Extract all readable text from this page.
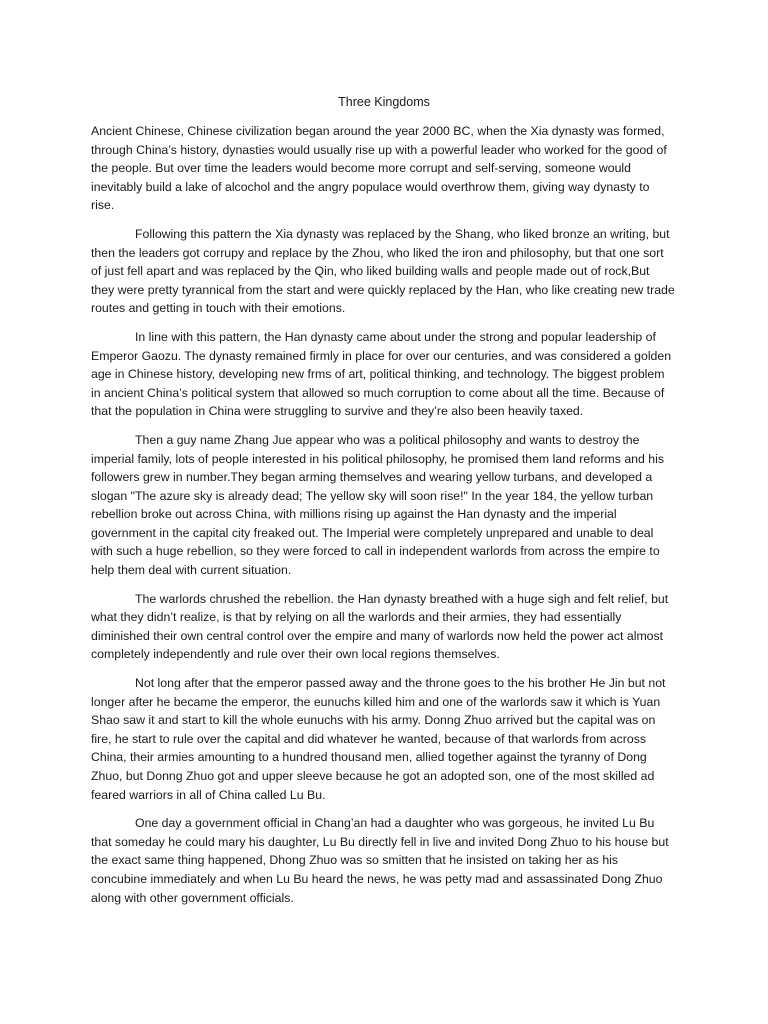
Three Kingdoms

Ancient Chinese, Chinese civilization began around the year 2000 BC, when the Xia dynasty was formed, through China’s history, dynasties would usually rise up with a powerful leader who worked for the good of the people. But over time the leaders would become more corrupt and self-serving, someone would inevitably build a lake of alcochol and the angry populace would overthrow them, giving way dynasty to rise.

Following this pattern the Xia dynasty was replaced by the Shang, who liked bronze an writing, but then the leaders got corrupy and replace by the Zhou, who liked the iron and philosophy, but that one sort of just fell apart and was replaced by the Qin, who liked building walls and people made out of rock,But they were pretty tyrannical from the start and were quickly replaced by the Han, who like creating new trade routes and getting in touch with their emotions.

In line with this pattern, the Han dynasty came about under the strong and popular leadership of Emperor Gaozu. The dynasty remained firmly in place for over our centuries, and was considered a golden age in Chinese history, developing new frms of art, political thinking, and technology. The biggest problem in ancient China’s political system that allowed so much corruption to come about all the time. Because of that the population in China were struggling to survive and they’re also been heavily taxed.

Then a guy name Zhang Jue appear who was a political philosophy and wants to destroy the imperial family, lots of people interested in his political philosophy, he promised them land reforms and his followers grew in number.They began arming themselves and wearing yellow turbans, and developed a slogan "The azure sky is already dead; The yellow sky will soon rise!" In the year 184, the yellow turban rebellion broke out across China, with millions rising up against the Han dynasty and the imperial government in the capital city freaked out. The Imperial were completely unprepared and unable to deal with such a huge rebellion, so they were forced to call in independent warlords from across the empire to help them deal with current situation.

The warlords chrushed the rebellion. the Han dynasty breathed with a huge sigh and felt relief, but what they didn’t realize, is that by relying on all the warlords and their armies, they had essentially diminished their own central control over the empire and many of warlords now held the power act almost completely independently and rule over their own local regions themselves.

Not long after that the emperor passed away and the throne goes to the his brother He Jin but not longer after he became the emperor, the eunuchs killed him and one of the warlords saw it which is Yuan Shao saw it and start to kill the whole eunuchs with his army. Donng Zhuo arrived but the capital was on fire, he start to rule over the capital and did whatever he wanted, because of that warlords from across China, their armies amounting to a hundred thousand men, allied together against the tyranny of Dong Zhuo, but Donng Zhuo got and upper sleeve because he got an adopted son, one of the most skilled ad feared warriors in all of China called Lu Bu.

One day a government official in Chang’an had a daughter who was gorgeous, he invited Lu Bu that someday he could mary his daughter, Lu Bu directly fell in live and invited Dong Zhuo to his house but the exact same thing happened, Dhong Zhuo was so smitten that he insisted on taking her as his concubine immediately and when Lu Bu heard the news, he was petty mad and assassinated Dong Zhuo along with other government officials.
